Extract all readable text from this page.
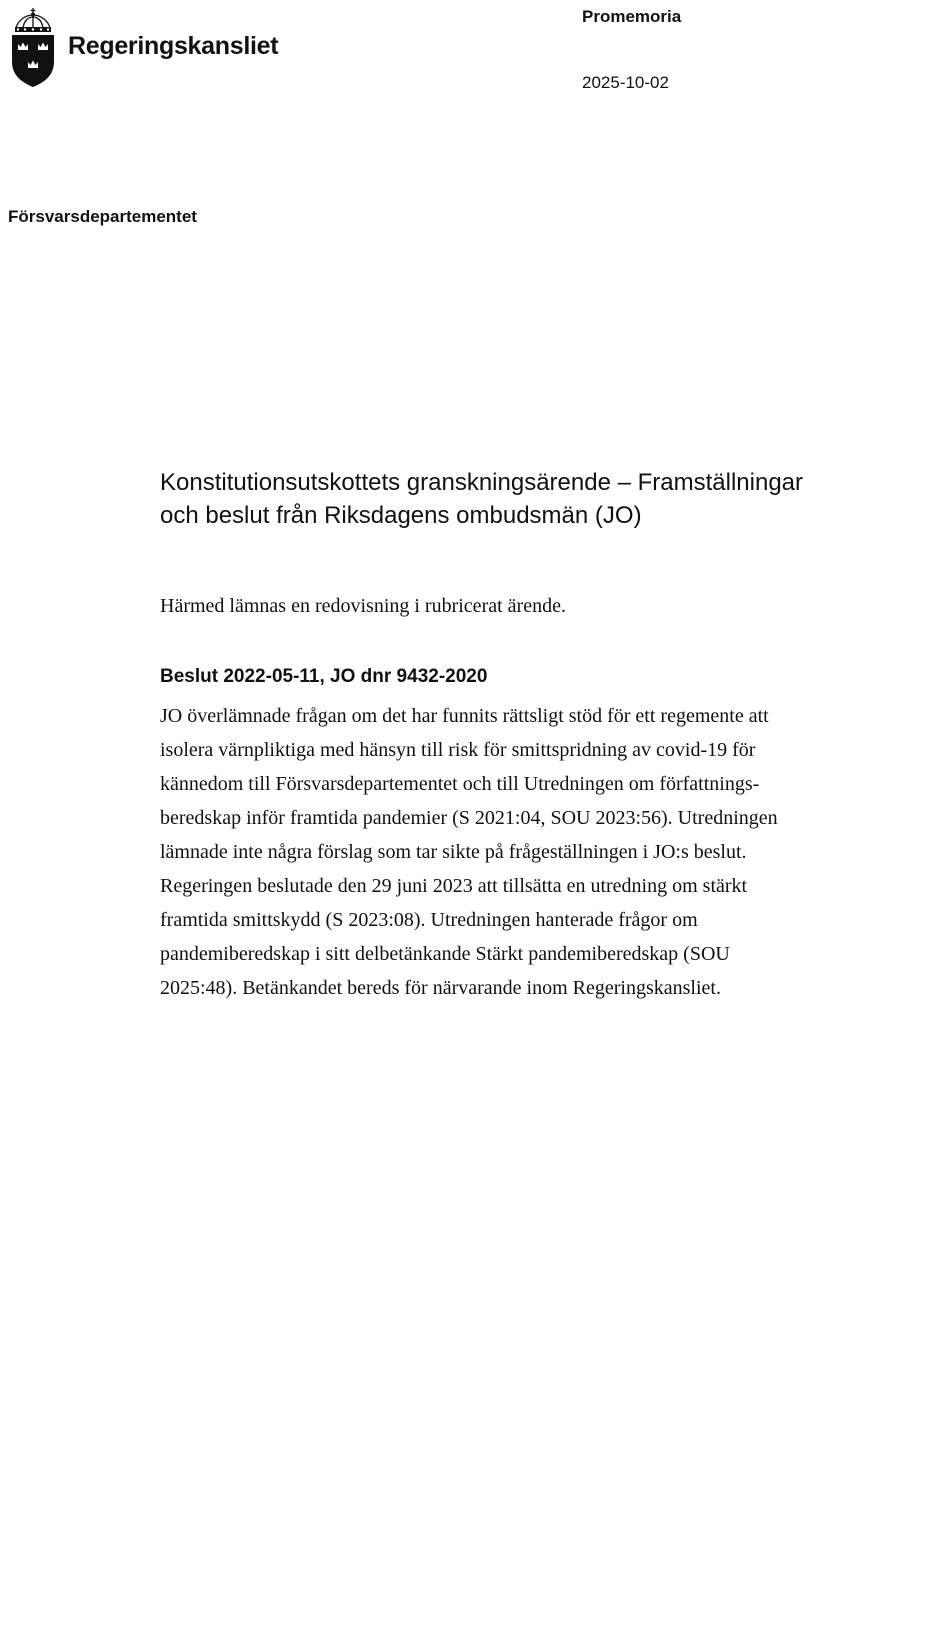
Regeringskansliet
Promemoria
2025-10-02
Försvarsdepartementet
Konstitutionsutskottets granskningsärende – Framställningar
och beslut från Riksdagens ombudsmän (JO)

Härmed lämnas en redovisning i rubricerat ärende.

Beslut 2022-05-11, JO dnr 9432-2020

JO överlämnade frågan om det har funnits rättsligt stöd för ett regemente att
isolera värnpliktiga med hänsyn till risk för smittspridning av covid-19 för
kännedom till Försvarsdepartementet och till Utredningen om författnings-
beredskap inför framtida pandemier (S 2021:04, SOU 2023:56). Utredningen
lämnade inte några förslag som tar sikte på frågeställningen i JO:s beslut.
Regeringen beslutade den 29 juni 2023 att tillsätta en utredning om stärkt
framtida smittskydd (S 2023:08). Utredningen hanterade frågor om
pandemiberedskap i sitt delbetänkande Stärkt pandemiberedskap (SOU
2025:48). Betänkandet bereds för närvarande inom Regeringskansliet.
